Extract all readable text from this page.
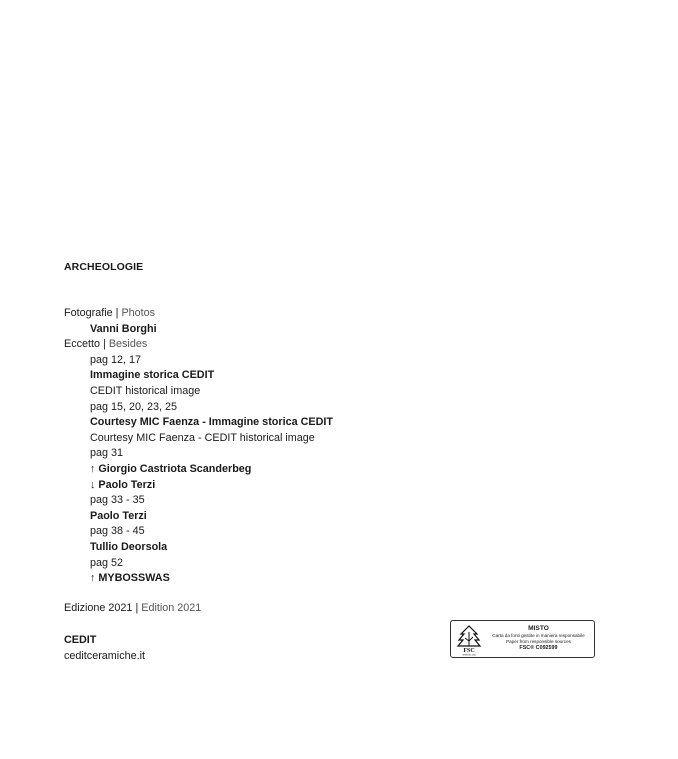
ARCHEOLOGIE
Fotografie | Photos
Vanni Borghi
Eccetto | Besides
pag 12, 17
Immagine storica CEDIT
CEDIT historical image
pag 15, 20, 23, 25
Courtesy MIC Faenza - Immagine storica CEDIT
Courtesy MIC Faenza - CEDIT historical image
pag 31
↑ Giorgio Castriota Scanderbeg
↓ Paolo Terzi
pag 33 - 35
Paolo Terzi
pag 38 - 45
Tullio Deorsola
pag 52
↑ MYBOSSWAS
Edizione 2021 | Edition 2021
CEDIT
ceditceramiche.it	FSC
www.fsc.org
MISTO
Carta da fonti gestite in maniera responsabile
Paper from responsible sources
FSC® C092599
